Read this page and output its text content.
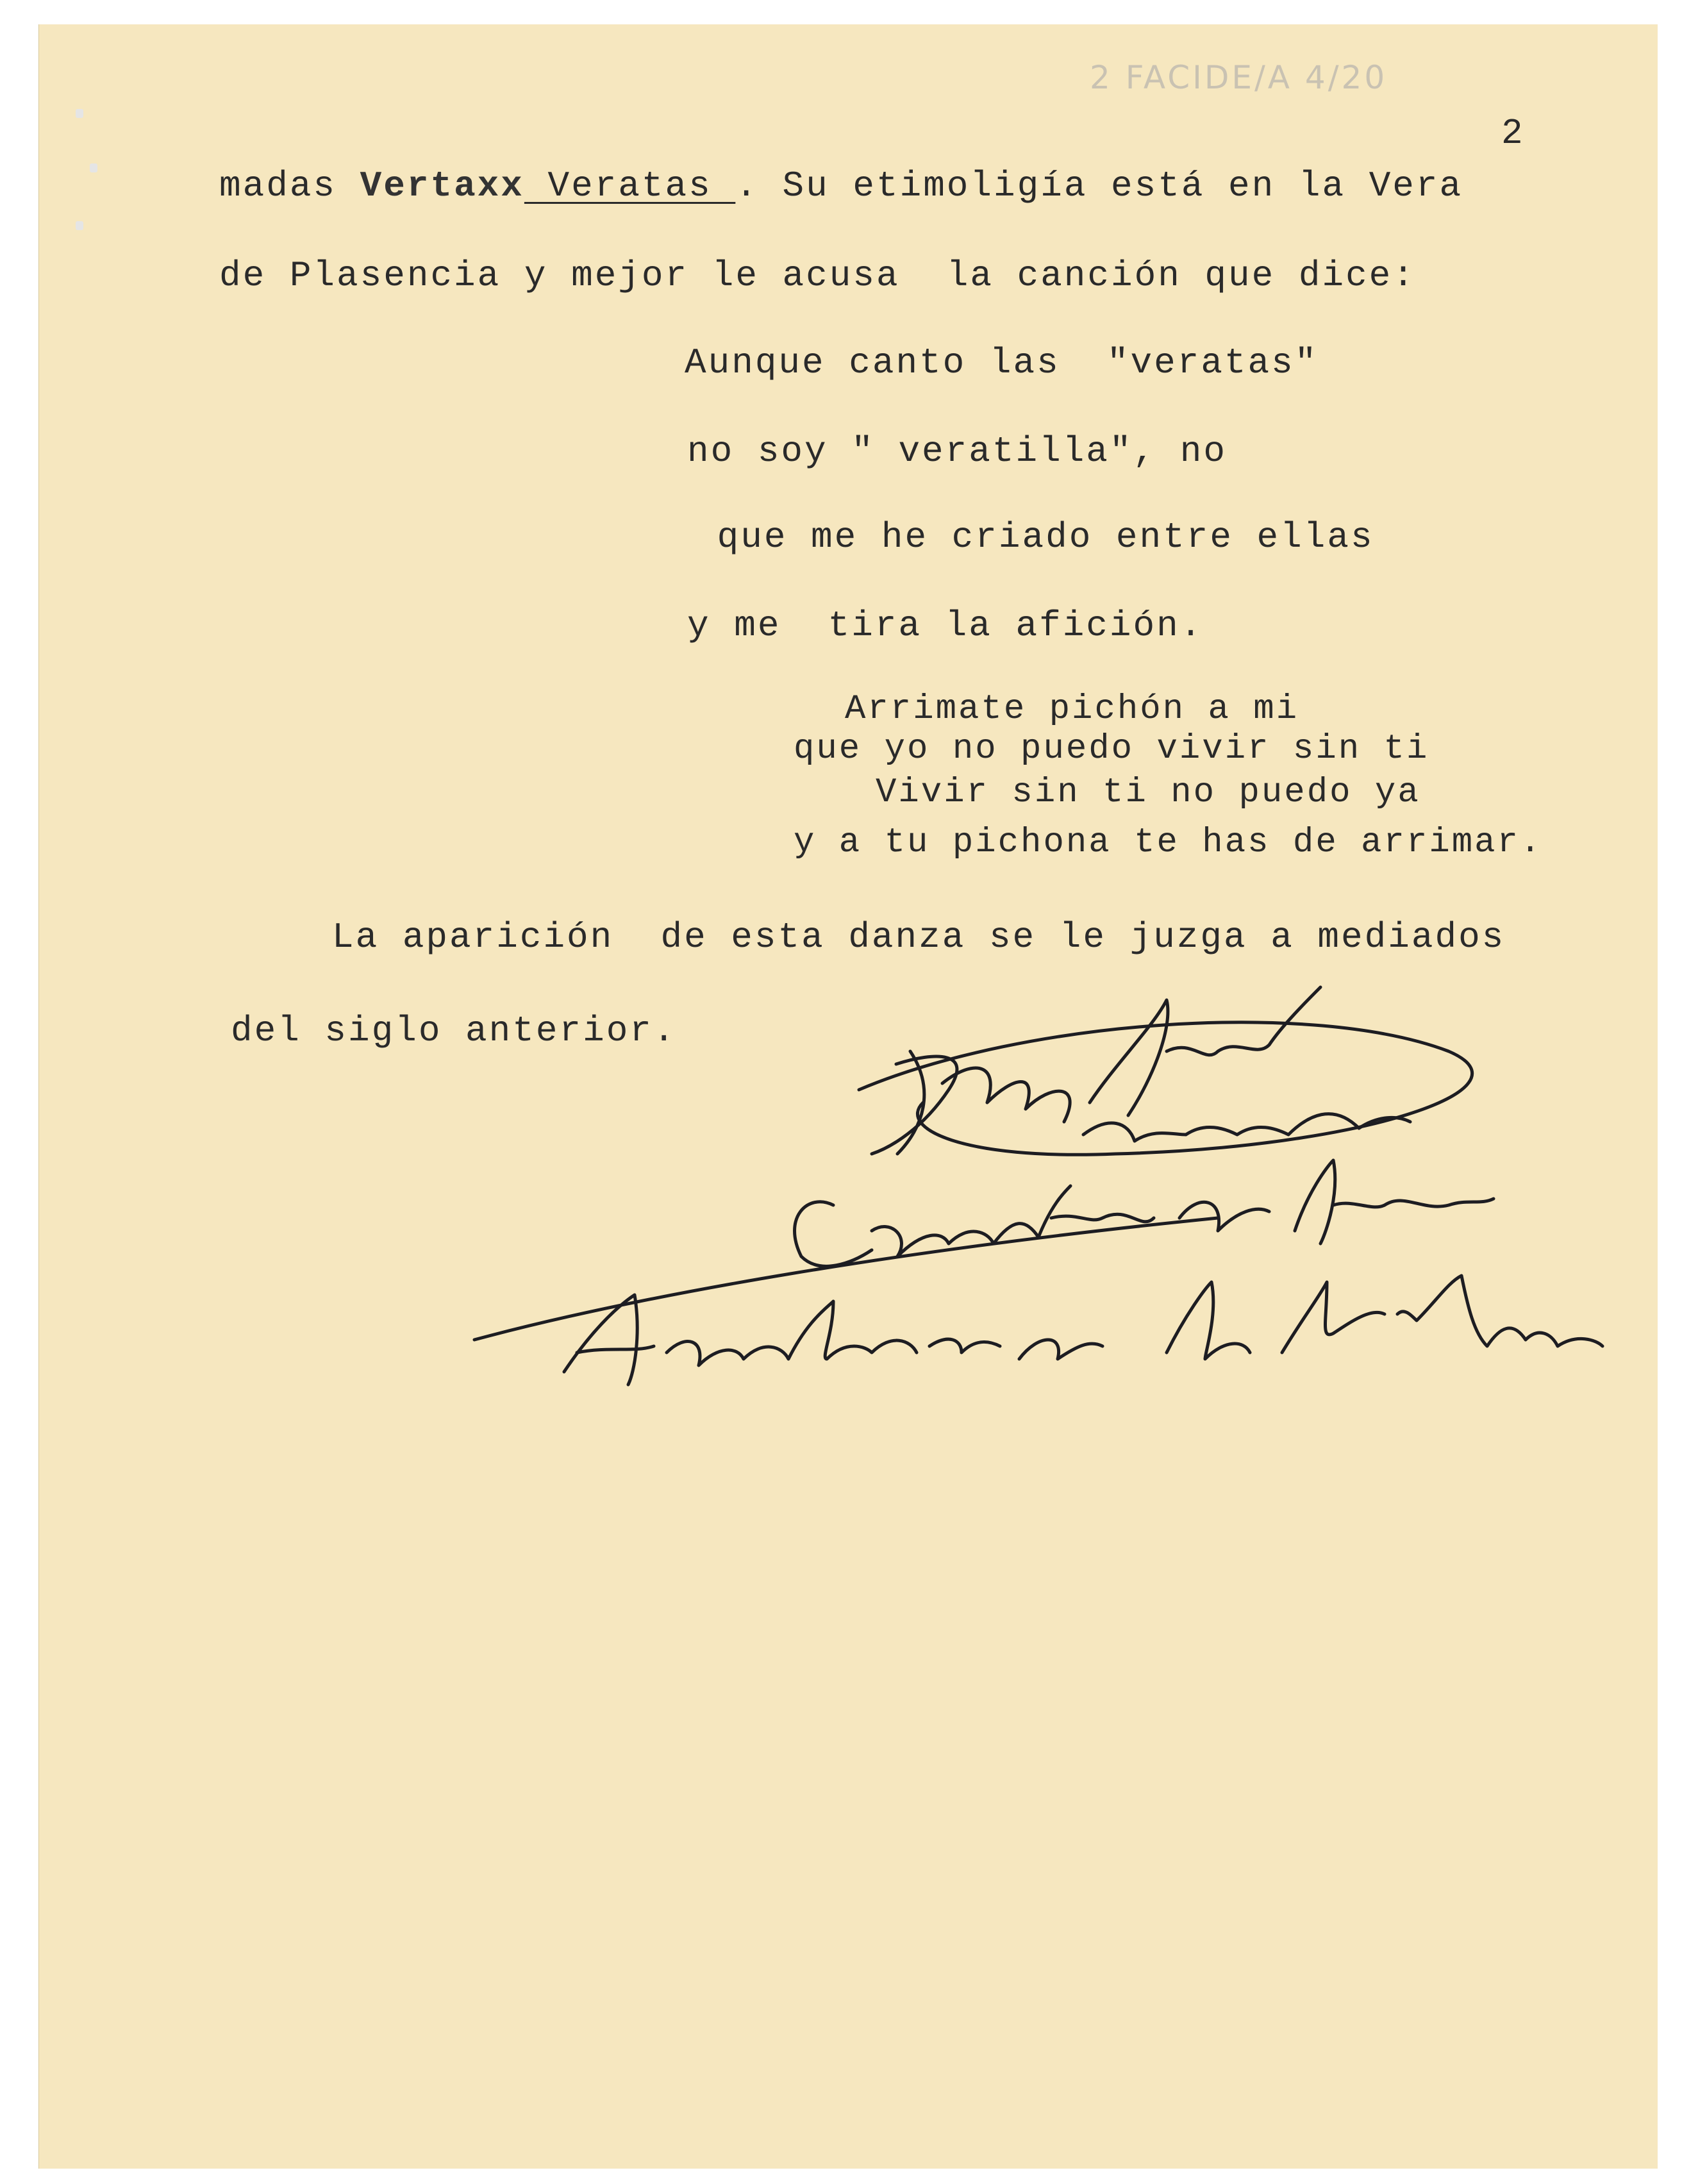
2 FACIDE/A 4/20
2
madas Vertaxx Veratas . Su etimoligía está en la Vera
de Plasencia y mejor le acusa  la canción que dice:
Aunque canto las  "veratas"
no soy " veratilla", no
que me he criado entre ellas
y me  tira la afición.
Arrimate pichón a mi
que yo no puedo vivir sin ti
Vivir sin ti no puedo ya
y a tu pichona te has de arrimar.
La aparición  de esta danza se le juzga a mediados
del siglo anterior.
